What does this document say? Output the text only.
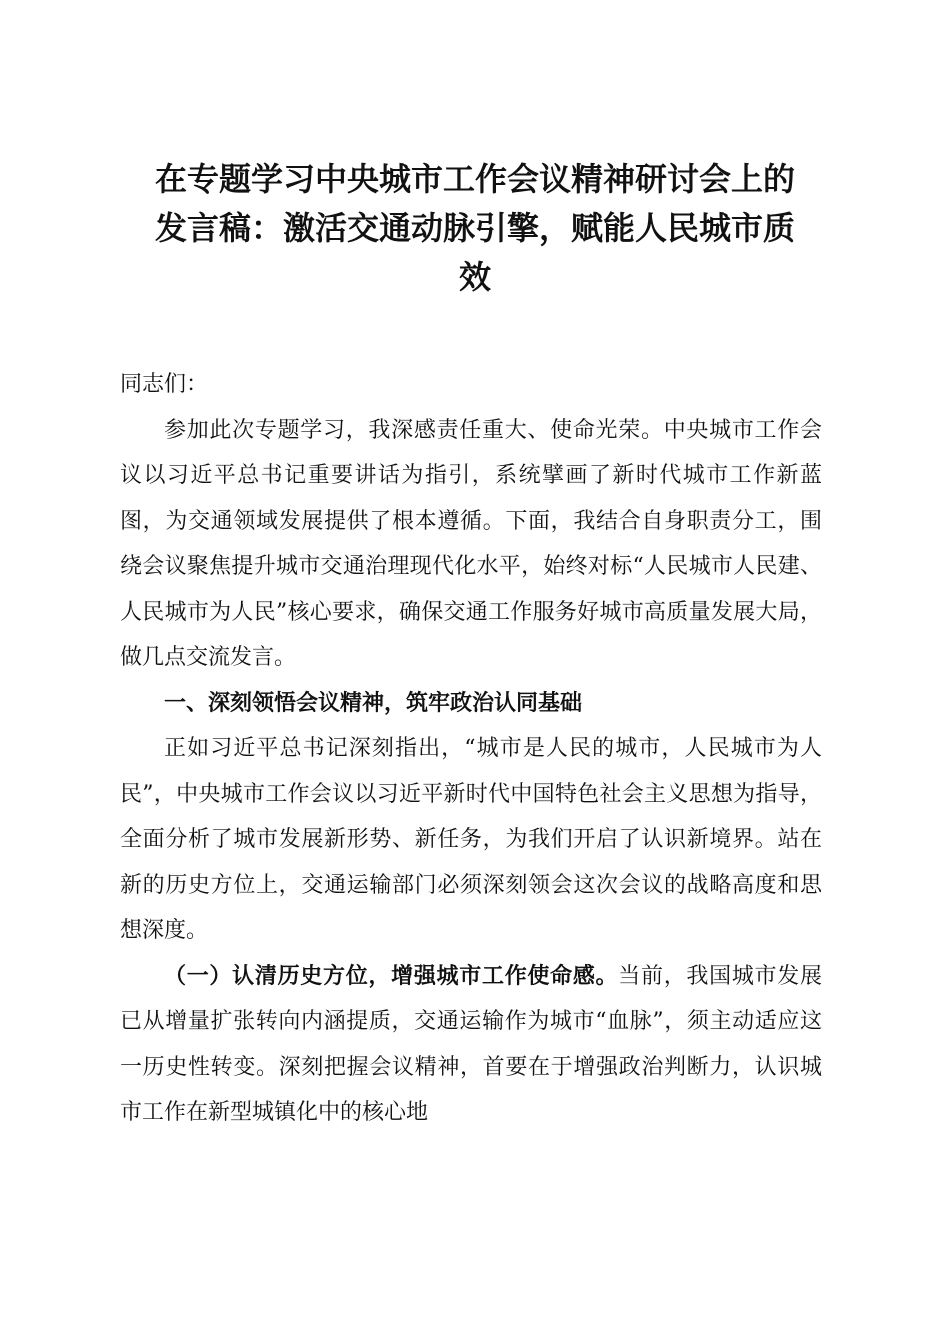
在专题学习中央城市工作会议精神研讨会上的
发言稿：激活交通动脉引擎，赋能人民城市质
效

同志们：

参加此次专题学习，我深感责任重大、使命光荣。中央城市工作会议以习近平总书记重要讲话为指引，系统擘画了新时代城市工作新蓝图，为交通领域发展提供了根本遵循。下面，我结合自身职责分工，围绕会议聚焦提升城市交通治理现代化水平，始终对标“人民城市人民建、人民城市为人民”核心要求，确保交通工作服务好城市高质量发展大局，做几点交流发言。

一、深刻领悟会议精神，筑牢政治认同基础

正如习近平总书记深刻指出，“城市是人民的城市，人民城市为人民”，中央城市工作会议以习近平新时代中国特色社会主义思想为指导，全面分析了城市发展新形势、新任务，为我们开启了认识新境界。站在新的历史方位上，交通运输部门必须深刻领会这次会议的战略高度和思想深度。

（一）认清历史方位，增强城市工作使命感。当前，我国城市发展已从增量扩张转向内涵提质，交通运输作为城市“血脉”，须主动适应这一历史性转变。深刻把握会议精神，首要在于增强政治判断力，认识城市工作在新型城镇化中的核心地
